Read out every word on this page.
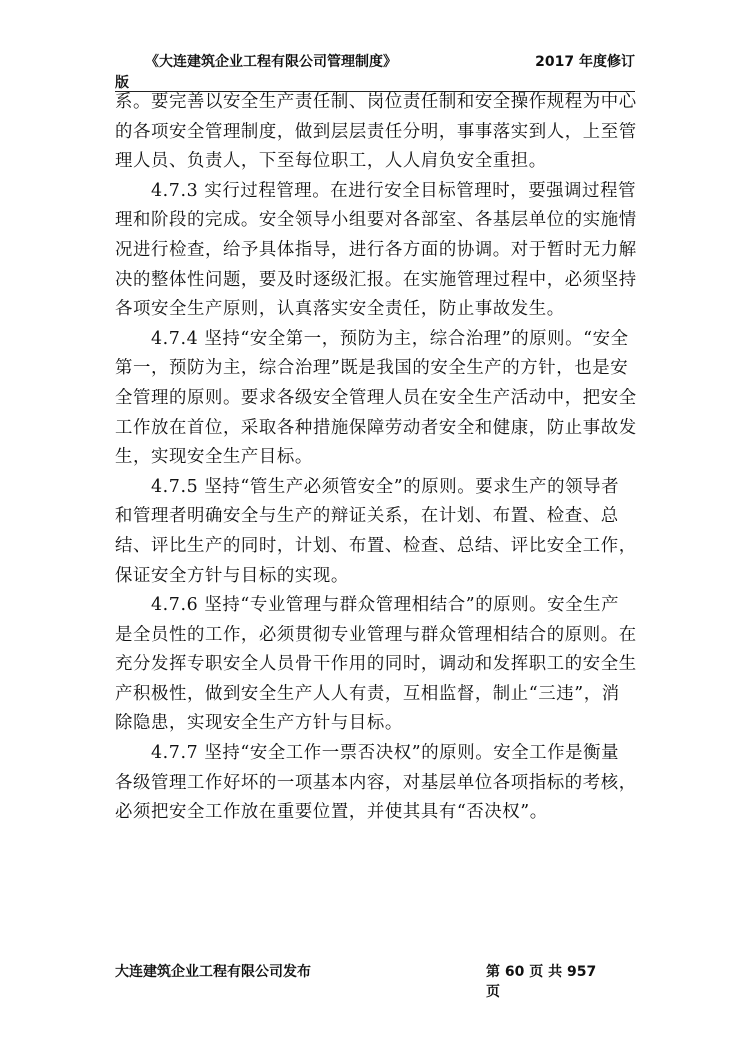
《大连建筑企业工程有限公司管理制度》	2017 年度修订
版

系。要完善以安全生产责任制、岗位责任制和安全操作规程为中心的各项安全管理制度，做到层层责任分明，事事落实到人，上至管理人员、负责人，下至每位职工，人人肩负安全重担。

　　4.7.3 实行过程管理。在进行安全目标管理时，要强调过程管理和阶段的完成。安全领导小组要对各部室、各基层单位的实施情况进行检查，给予具体指导，进行各方面的协调。对于暂时无力解决的整体性问题，要及时逐级汇报。在实施管理过程中，必须坚持各项安全生产原则，认真落实安全责任，防止事故发生。

　　4.7.4 坚持“安全第一，预防为主，综合治理”的原则。“安全第一，预防为主，综合治理”既是我国的安全生产的方针，也是安全管理的原则。要求各级安全管理人员在安全生产活动中，把安全工作放在首位，采取各种措施保障劳动者安全和健康，防止事故发生，实现安全生产目标。

　　4.7.5 坚持“管生产必须管安全”的原则。要求生产的领导者和管理者明确安全与生产的辩证关系，在计划、布置、检查、总结、评比生产的同时，计划、布置、检查、总结、评比安全工作，保证安全方针与目标的实现。

　　4.7.6 坚持“专业管理与群众管理相结合”的原则。安全生产是全员性的工作，必须贯彻专业管理与群众管理相结合的原则。在充分发挥专职安全人员骨干作用的同时，调动和发挥职工的安全生产积极性，做到安全生产人人有责，互相监督，制止“三违”，消除隐患，实现安全生产方针与目标。

　　4.7.7 坚持“安全工作一票否决权”的原则。安全工作是衡量各级管理工作好坏的一项基本内容，对基层单位各项指标的考核，必须把安全工作放在重要位置，并使其具有“否决权”。

大连建筑企业工程有限公司发布	第 60 页 共 957 页
